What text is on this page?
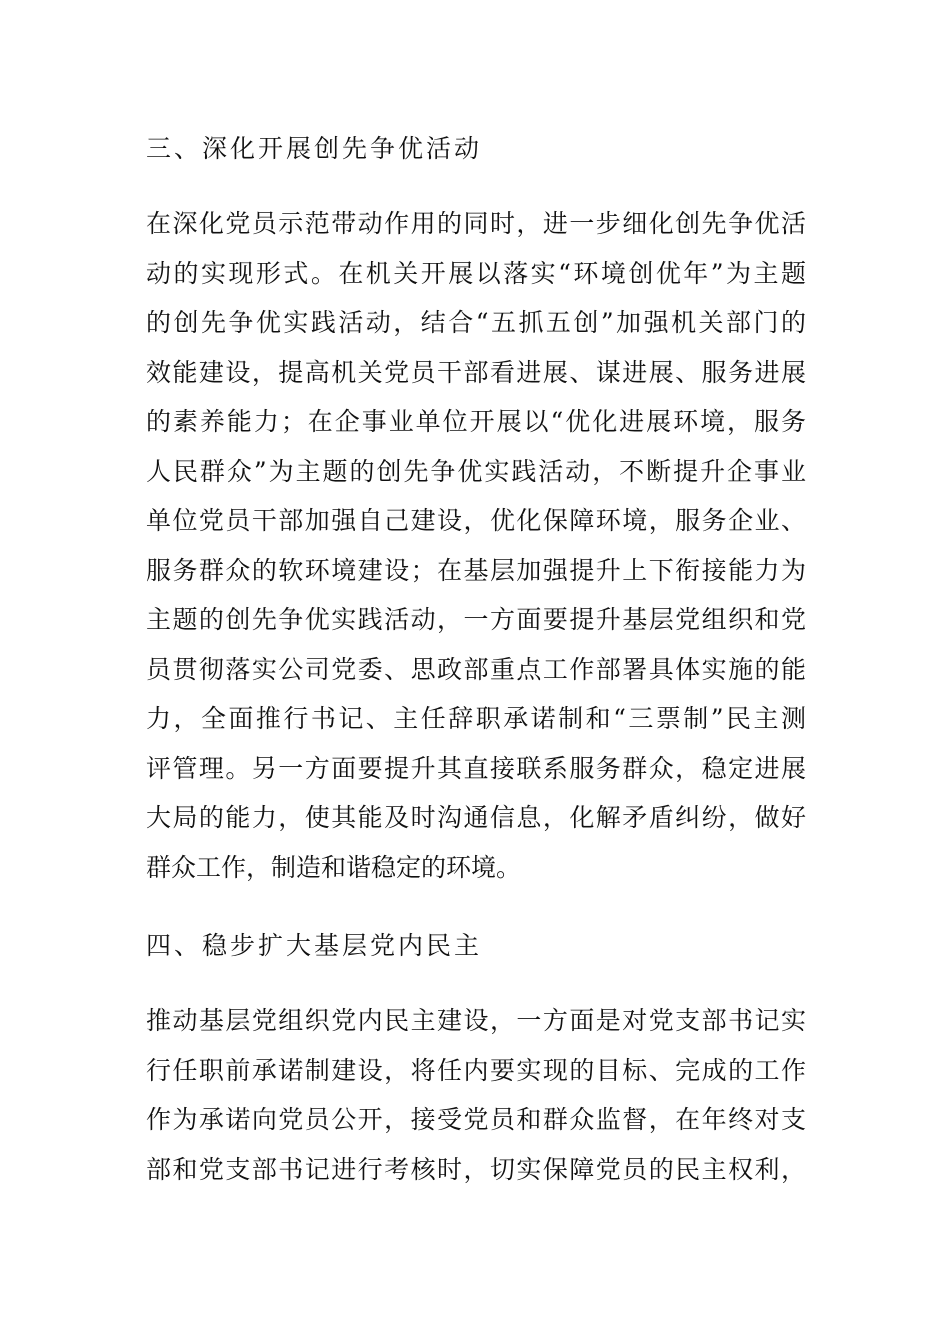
三、深化开展创先争优活动
在深化党员示范带动作用的同时，进一步细化创先争优活
动的实现形式。在机关开展以落实“环境创优年”为主题
的创先争优实践活动，结合“五抓五创”加强机关部门的
效能建设，提高机关党员干部看进展、谋进展、服务进展
的素养能力；在企事业单位开展以“优化进展环境，服务
人民群众”为主题的创先争优实践活动，不断提升企事业
单位党员干部加强自己建设，优化保障环境，服务企业、
服务群众的软环境建设；在基层加强提升上下衔接能力为
主题的创先争优实践活动，一方面要提升基层党组织和党
员贯彻落实公司党委、思政部重点工作部署具体实施的能
力，全面推行书记、主任辞职承诺制和“三票制”民主测
评管理。另一方面要提升其直接联系服务群众，稳定进展
大局的能力，使其能及时沟通信息，化解矛盾纠纷，做好
群众工作，制造和谐稳定的环境。
四、稳步扩大基层党内民主
推动基层党组织党内民主建设，一方面是对党支部书记实
行任职前承诺制建设，将任内要实现的目标、完成的工作
作为承诺向党员公开，接受党员和群众监督，在年终对支
部和党支部书记进行考核时，切实保障党员的民主权利，
